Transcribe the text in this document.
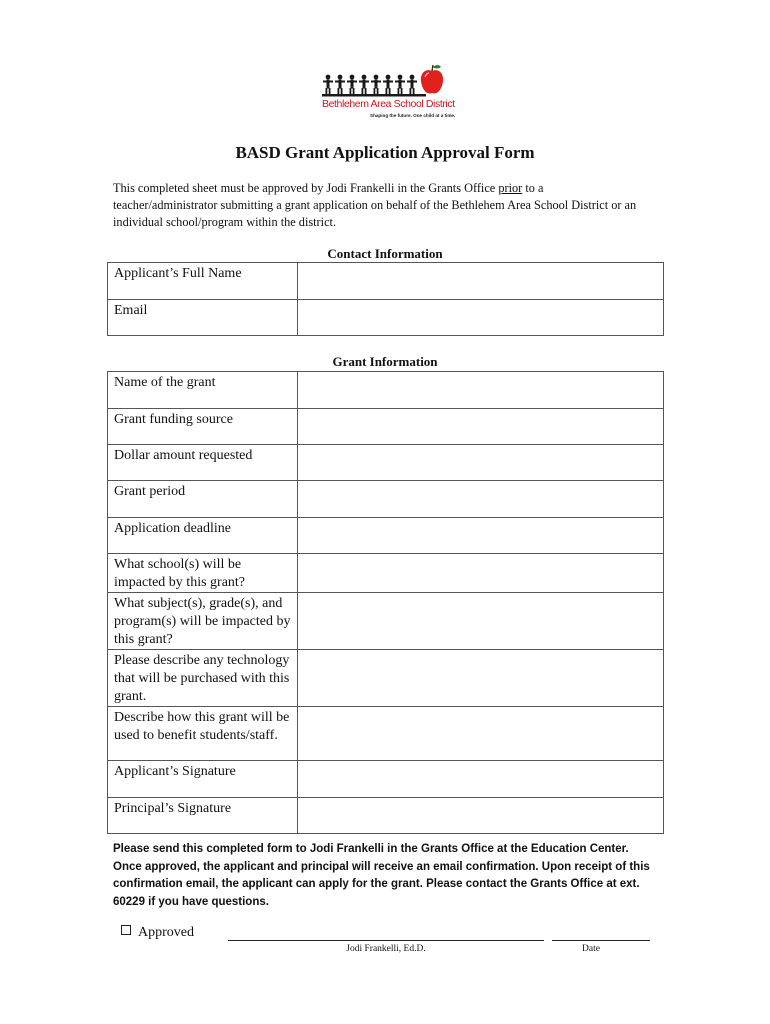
Bethlehem Area School District
Shaping the future. One child at a time.
BASD Grant Application Approval Form
This completed sheet must be approved by Jodi Frankelli in the Grants Office prior to a teacher/administrator submitting a grant application on behalf of the Bethlehem Area School District or an individual school/program within the district.
Contact Information
Applicant’s Full Name	
Email	
Grant Information
Name of the grant	
Grant funding source	
Dollar amount requested	
Grant period	
Application deadline	
What school(s) will be impacted by this grant?	
What subject(s), grade(s), and program(s) will be impacted by this grant?	
Please describe any technology that will be purchased with this grant.	
Describe how this grant will be used to benefit students/staff.	
Applicant’s Signature	
Principal’s Signature	
Please send this completed form to Jodi Frankelli in the Grants Office at the Education Center. Once approved, the applicant and principal will receive an email confirmation. Upon receipt of this confirmation email, the applicant can apply for the grant. Please contact the Grants Office at ext. 60229 if you have questions.
Approved
Jodi Frankelli, Ed.D.	Date
